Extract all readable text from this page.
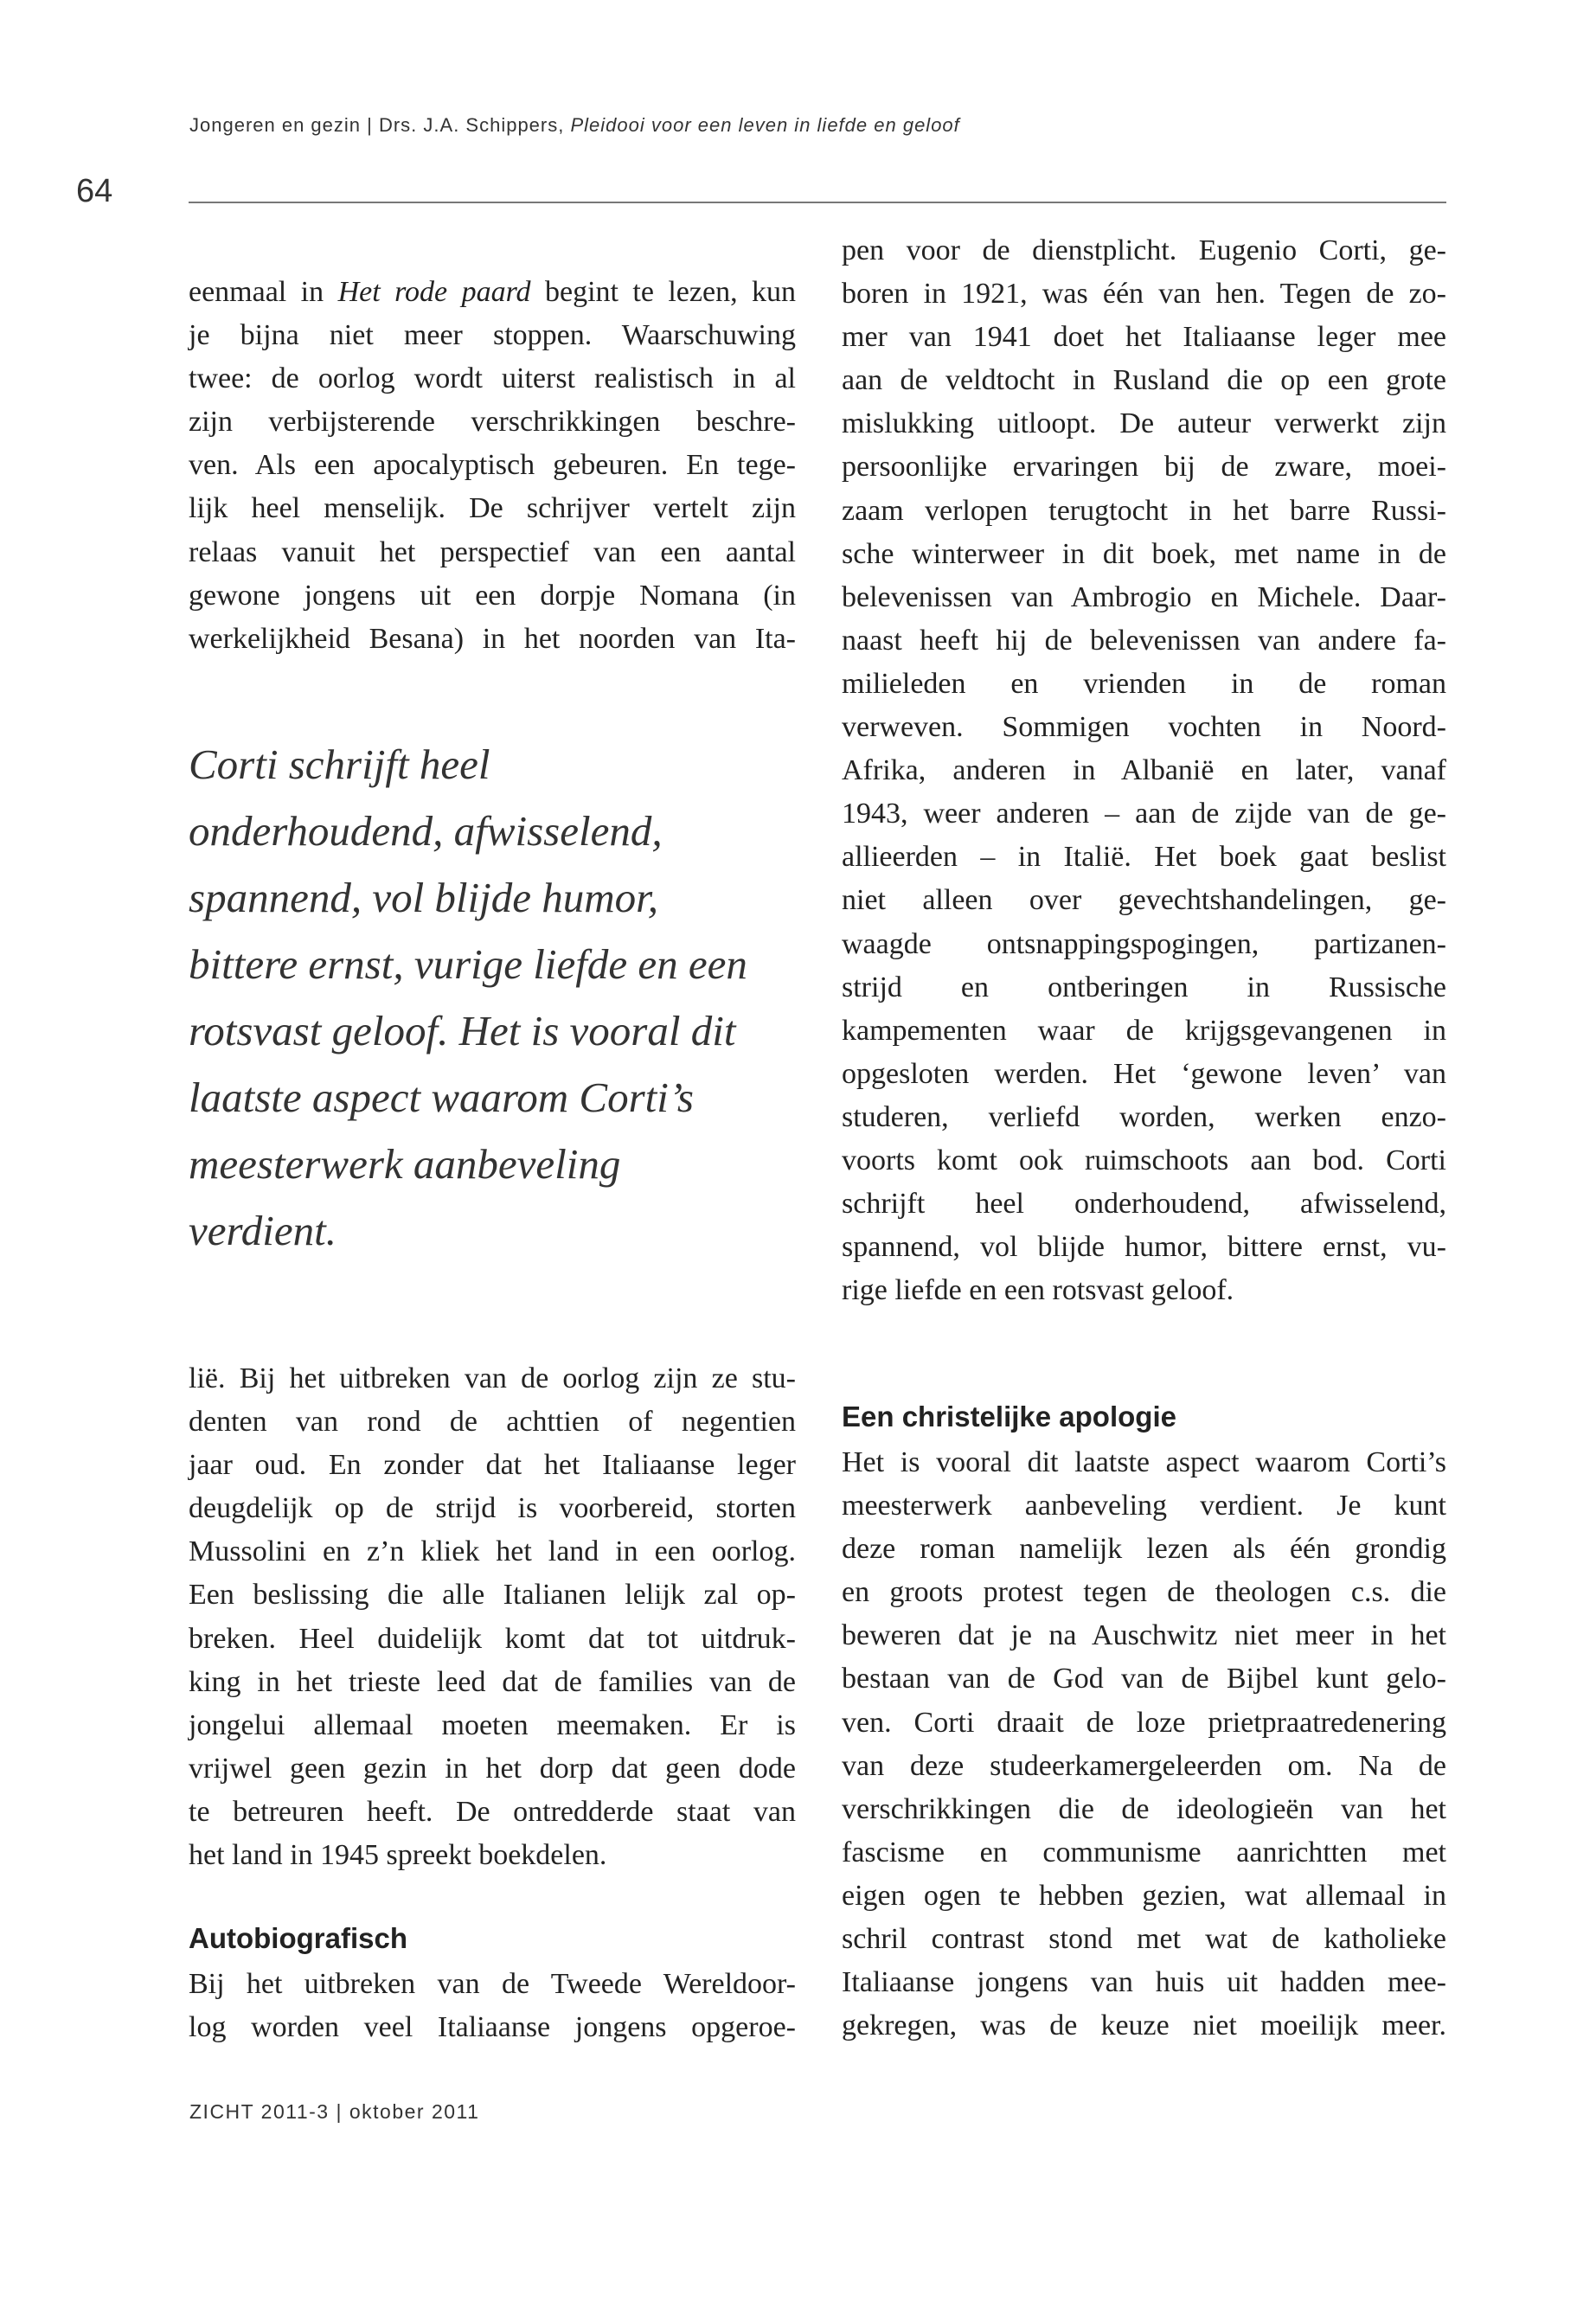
Jongeren en gezin | Drs. J.A. Schippers, Pleidooi voor een leven in liefde en geloof
64
eenmaal in Het rode paard begint te lezen, kun
je bijna niet meer stoppen. Waarschuwing
twee: de oorlog wordt uiterst realistisch in al
zijn verbijsterende verschrikkingen beschre-
ven. Als een apocalyptisch gebeuren. En tege-
lijk heel menselijk. De schrijver vertelt zijn
relaas vanuit het perspectief van een aantal
gewone jongens uit een dorpje Nomana (in
werkelijkheid Besana) in het noorden van Ita-
Corti schrijft heel
onderhoudend, afwisselend,
spannend, vol blijde humor,
bittere ernst, vurige liefde en een
rotsvast geloof. Het is vooral dit
laatste aspect waarom Corti’s
meesterwerk aanbeveling
verdient.
lië. Bij het uitbreken van de oorlog zijn ze stu-
denten van rond de achttien of negentien
jaar oud. En zonder dat het Italiaanse leger
deugdelijk op de strijd is voorbereid, storten
Mussolini en z’n kliek het land in een oorlog.
Een beslissing die alle Italianen lelijk zal op-
breken. Heel duidelijk komt dat tot uitdruk-
king in het trieste leed dat de families van de
jongelui allemaal moeten meemaken. Er is
vrijwel geen gezin in het dorp dat geen dode
te betreuren heeft. De ontredderde staat van
het land in 1945 spreekt boekdelen.
Autobiografisch
Bij het uitbreken van de Tweede Wereldoor-
log worden veel Italiaanse jongens opgeroe-
pen voor de dienstplicht. Eugenio Corti, ge-
boren in 1921, was één van hen. Tegen de zo-
mer van 1941 doet het Italiaanse leger mee
aan de veldtocht in Rusland die op een grote
mislukking uitloopt. De auteur verwerkt zijn
persoonlijke ervaringen bij de zware, moei-
zaam verlopen terugtocht in het barre Russi-
sche winterweer in dit boek, met name in de
belevenissen van Ambrogio en Michele. Daar-
naast heeft hij de belevenissen van andere fa-
milieleden en vrienden in de roman
verweven. Sommigen vochten in Noord-
Afrika, anderen in Albanië en later, vanaf
1943, weer anderen – aan de zijde van de ge-
allieerden – in Italië. Het boek gaat beslist
niet alleen over gevechtshandelingen, ge-
waagde ontsnappingspogingen, partizanen-
strijd en ontberingen in Russische
kampementen waar de krijgsgevangenen in
opgesloten werden. Het ‘gewone leven’ van
studeren, verliefd worden, werken enzo-
voorts komt ook ruimschoots aan bod. Corti
schrijft heel onderhoudend, afwisselend,
spannend, vol blijde humor, bittere ernst, vu-
rige liefde en een rotsvast geloof.
Een christelijke apologie
Het is vooral dit laatste aspect waarom Corti’s
meesterwerk aanbeveling verdient. Je kunt
deze roman namelijk lezen als één grondig
en groots protest tegen de theologen c.s. die
beweren dat je na Auschwitz niet meer in het
bestaan van de God van de Bijbel kunt gelo-
ven. Corti draait de loze prietpraatredenering
van deze studeerkamergeleerden om. Na de
verschrikkingen die de ideologieën van het
fascisme en communisme aanrichtten met
eigen ogen te hebben gezien, wat allemaal in
schril contrast stond met wat de katholieke
Italiaanse jongens van huis uit hadden mee-
gekregen, was de keuze niet moeilijk meer.
ZICHT 2011-3 | oktober 2011
